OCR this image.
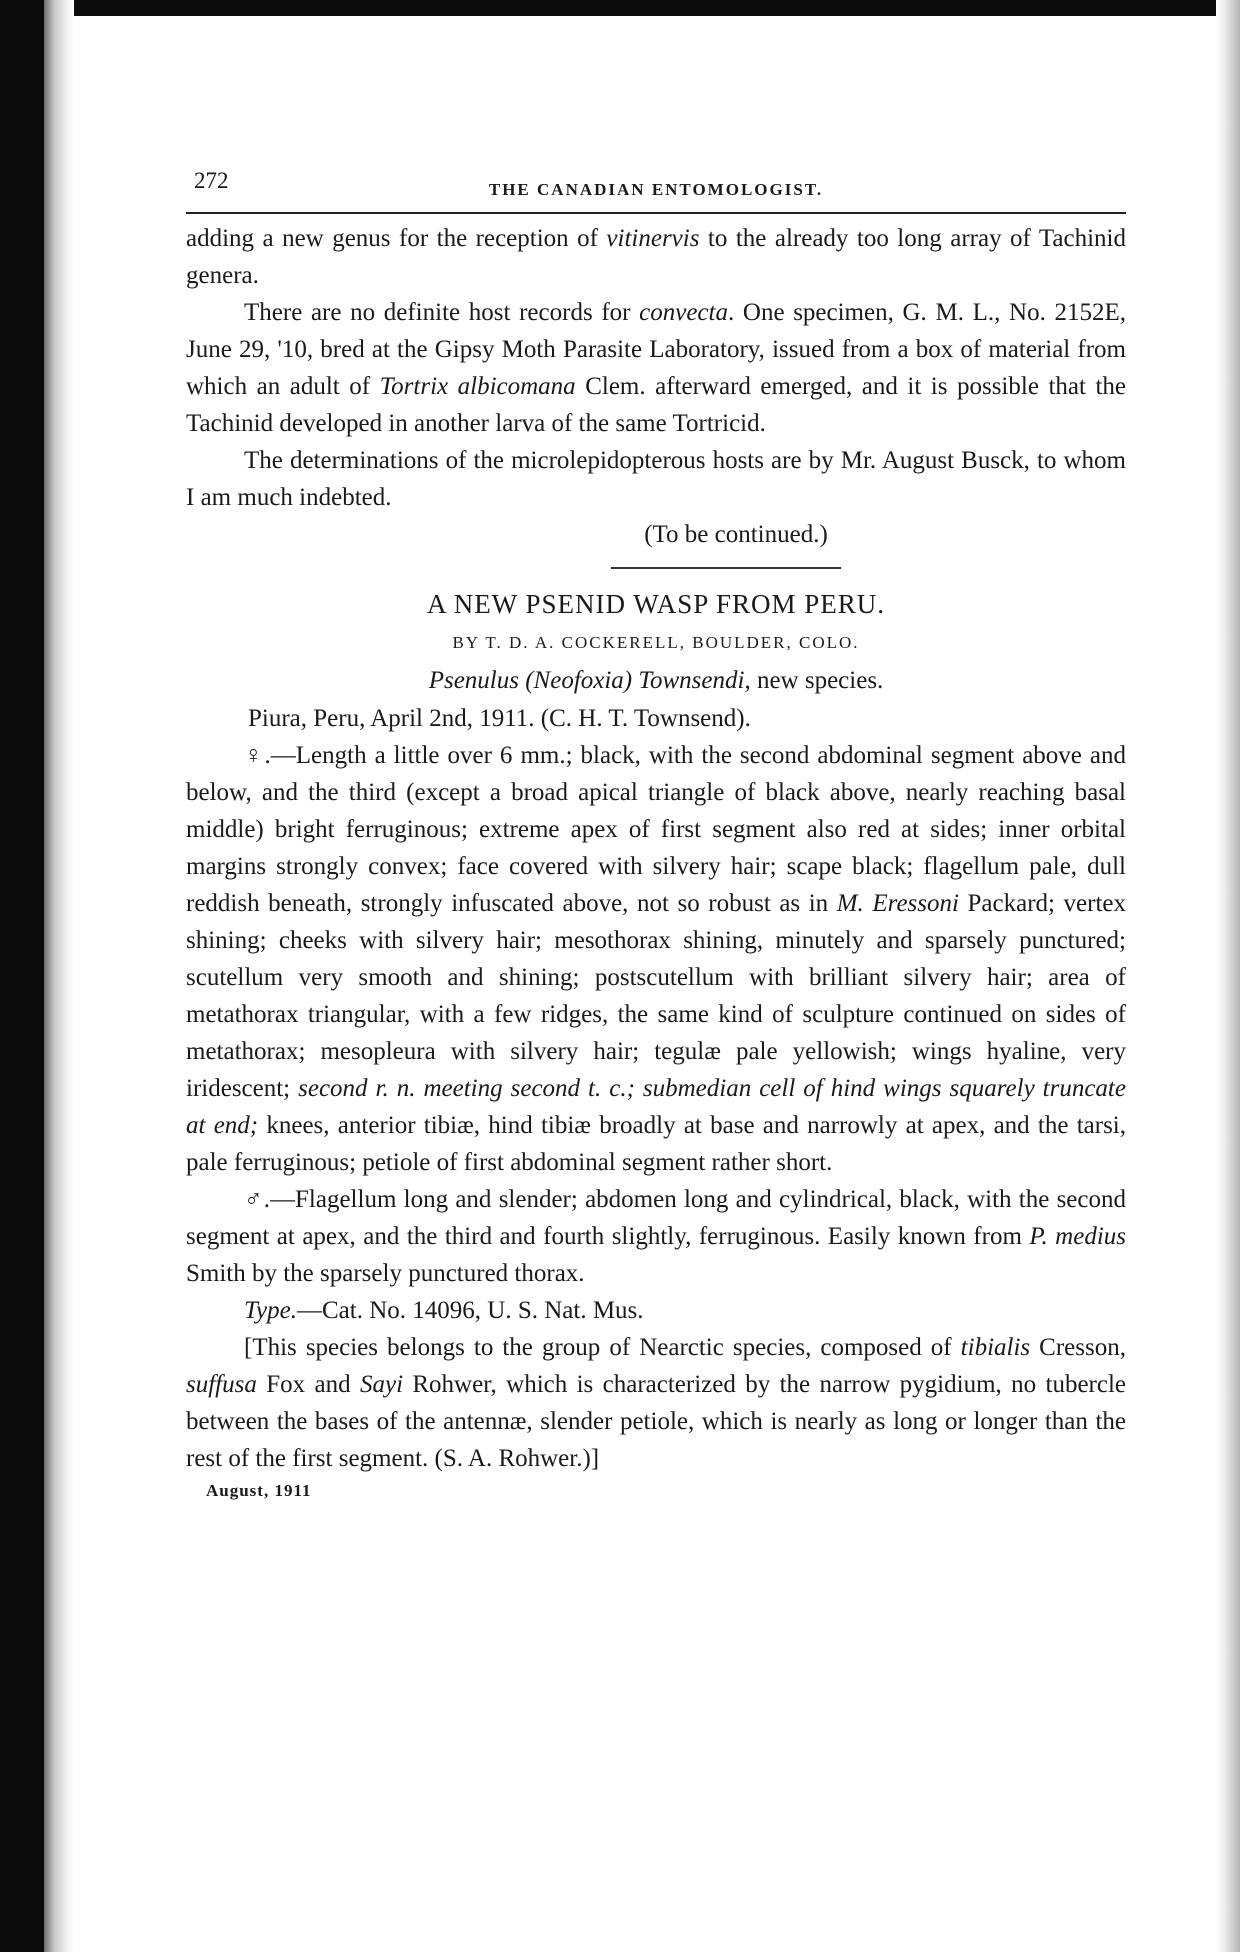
272	THE CANADIAN ENTOMOLOGIST.

adding a new genus for the reception of vitinervis to the already too long array of Tachinid genera.

There are no definite host records for convecta. One specimen, G. M. L., No. 2152E, June 29, '10, bred at the Gipsy Moth Parasite Laboratory, issued from a box of material from which an adult of Tortrix albicomana Clem. afterward emerged, and it is possible that the Tachinid developed in another larva of the same Tortricid.

The determinations of the microlepidopterous hosts are by Mr. August Busck, to whom I am much indebted.

(To be continued.)
A NEW PSENID WASP FROM PERU.
BY T. D. A. COCKERELL, BOULDER, COLO.
Psenulus (Neofoxia) Townsendi, new species.
Piura, Peru, April 2nd, 1911. (C. H. T. Townsend).

♀.—Length a little over 6 mm.; black, with the second abdominal segment above and below, and the third (except a broad apical triangle of black above, nearly reaching basal middle) bright ferruginous; extreme apex of first segment also red at sides; inner orbital margins strongly convex; face covered with silvery hair; scape black; flagellum pale, dull reddish beneath, strongly infuscated above, not so robust as in M. Eressoni Packard; vertex shining; cheeks with silvery hair; mesothorax shining, minutely and sparsely punctured; scutellum very smooth and shining; postscutellum with brilliant silvery hair; area of metathorax triangular, with a few ridges, the same kind of sculpture continued on sides of metathorax; mesopleura with silvery hair; tegulæ pale yellowish; wings hyaline, very iridescent; second r. n. meeting second t. c.; submedian cell of hind wings squarely truncate at end; knees, anterior tibiæ, hind tibiæ broadly at base and narrowly at apex, and the tarsi, pale ferruginous; petiole of first abdominal segment rather short.

♂.—Flagellum long and slender; abdomen long and cylindrical, black, with the second segment at apex, and the third and fourth slightly, ferruginous. Easily known from P. medius Smith by the sparsely punctured thorax.

Type.—Cat. No. 14096, U. S. Nat. Mus.

[This species belongs to the group of Nearctic species, composed of tibialis Cresson, suffusa Fox and Sayi Rohwer, which is characterized by the narrow pygidium, no tubercle between the bases of the antennæ, slender petiole, which is nearly as long or longer than the rest of the first segment. (S. A. Rohwer.)]

August, 1911
